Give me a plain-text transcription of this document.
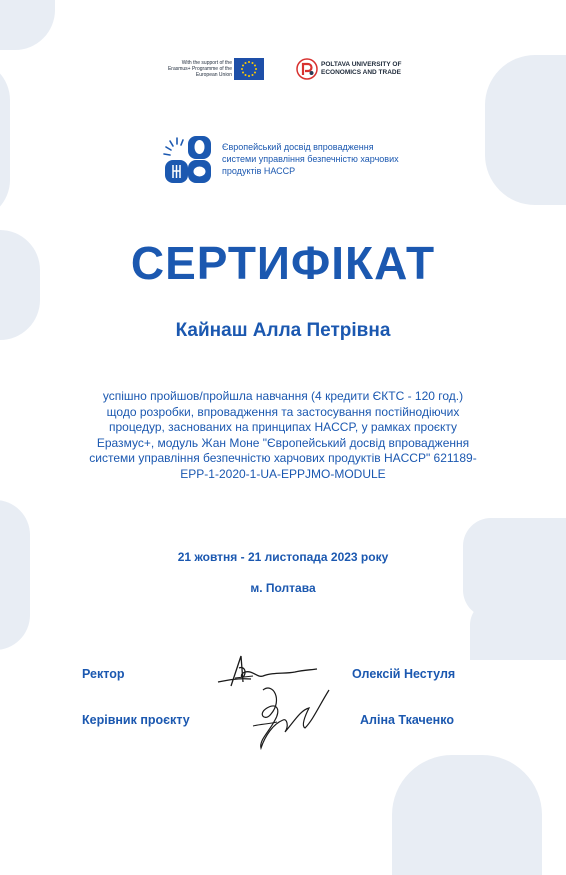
With the support of the Erasmus+ Programme of the European Union
POLTAVA UNIVERSITY OF ECONOMICS AND TRADE
Європейський досвід впровадження системи управління безпечністю харчових продуктів НАССР
СЕРТИФІКАТ
Кайнаш Алла Петрівна
успішно пройшов/пройшла навчання (4 кредити ЄКТС - 120 год.) щодо розробки, впровадження та застосування постійнодіючих процедур, заснованих на принципах HACCP, у рамках проєкту Еразмус+, модуль Жан Моне "Європейський досвід впровадження системи управління безпечністю харчових продуктів HACCP" 621189-EPP-1-2020-1-UA-EPPJMO-MODULE
21 жовтня - 21 листопада 2023 року
м. Полтава
Ректор	Олексій Нестуля
Керівник проєкту	Аліна Ткаченко
